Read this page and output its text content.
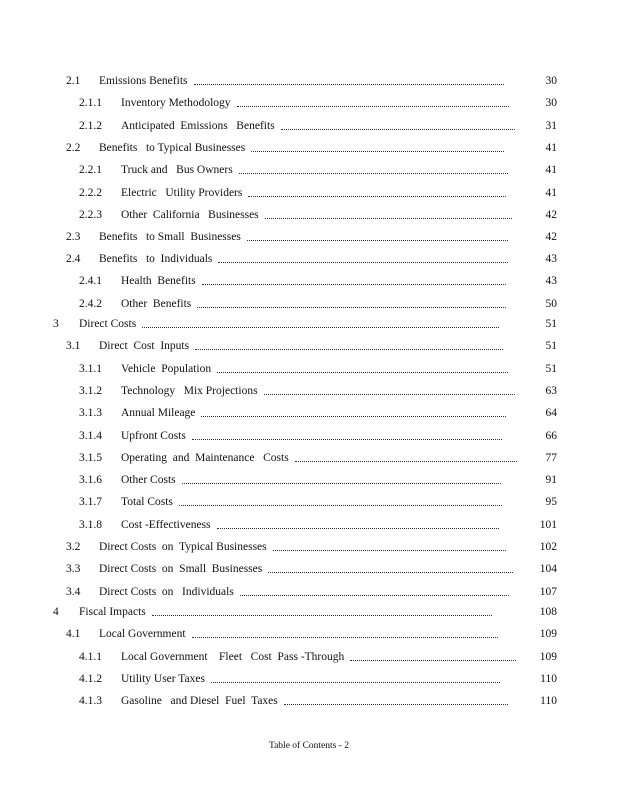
2.1 Emissions Benefits	30
2.1.1 Inventory Methodology	30
2.1.2 Anticipated  Emissions   Benefits	31
2.2 Benefits   to Typical Businesses	41
2.2.1 Truck and   Bus Owners	41
2.2.2 Electric   Utility Providers	41
2.2.3 Other  California   Businesses	42
2.3 Benefits   to Small  Businesses	42
2.4 Benefits   to  Individuals	43
2.4.1 Health  Benefits	43
2.4.2 Other  Benefits	50
3 Direct Costs	51
3.1 Direct  Cost  Inputs	51
3.1.1 Vehicle  Population	51
3.1.2 Technology   Mix Projections	63
3.1.3 Annual Mileage	64
3.1.4 Upfront Costs	66
3.1.5 Operating  and  Maintenance   Costs	77
3.1.6 Other Costs	91
3.1.7 Total Costs	95
3.1.8 Cost -Effectiveness	101
3.2 Direct Costs  on  Typical Businesses	102
3.3 Direct Costs  on  Small  Businesses	104
3.4 Direct Costs  on   Individuals	107
4 Fiscal Impacts	108
4.1 Local Government	109
4.1.1 Local Government    Fleet   Cost  Pass -Through	109
4.1.2 Utility User Taxes	110
4.1.3 Gasoline   and Diesel  Fuel  Taxes	110
Table of Contents - 2
